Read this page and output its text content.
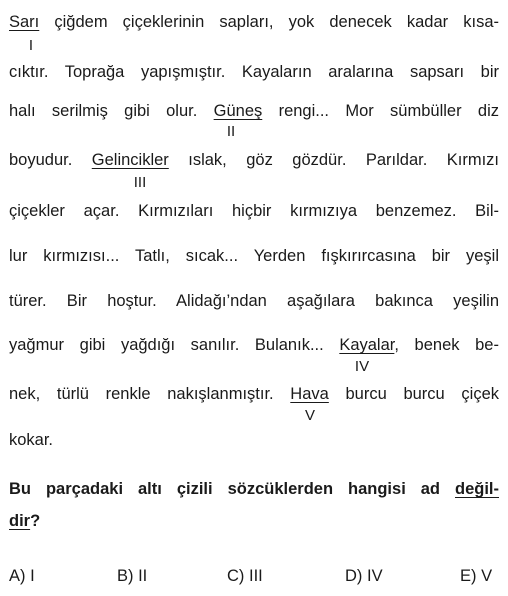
Sarı çiğdem çiçeklerinin sapları, yok denecek kadar kısa-
I
cıktır. Toprağa yapışmıştır. Kayaların aralarına sapsarı bir
halı serilmiş gibi olur. Güneş rengi... Mor sümbüller diz
II
boyudur. Gelincikler ıslak, göz gözdür. Parıldar. Kırmızı
III
çiçekler açar. Kırmızıları hiçbir kırmızıya benzemez. Bil-
lur kırmızısı... Tatlı, sıcak... Yerden fışkırırcasına bir yeşil
türer. Bir hoştur. Alidağı’ndan aşağılara bakınca yeşilin
yağmur gibi yağdığı sanılır. Bulanık... Kayalar, benek be-
IV
nek, türlü renkle nakışlanmıştır. Hava burcu burcu çiçek
V
kokar.
Bu parçadaki altı çizili sözcüklerden hangisi ad değil-
dir?
A) I	B) II	C) III	D) IV	E) V
